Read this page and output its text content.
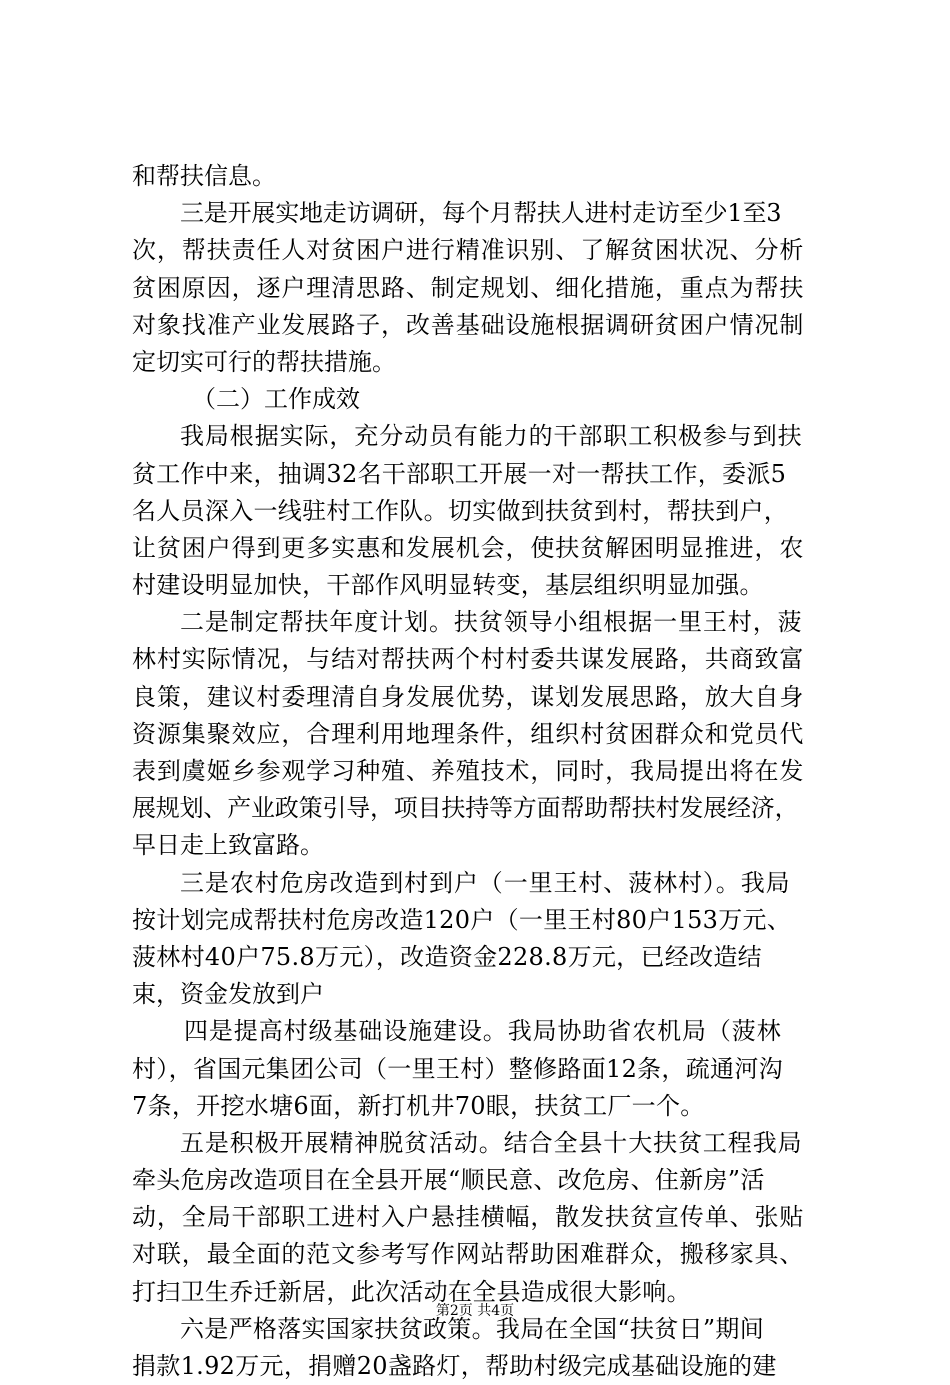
和帮扶信息。
三是开展实地走访调研，每个月帮扶人进村走访至少1至3
次，帮扶责任人对贫困户进行精准识别、了解贫困状况、分析
贫困原因，逐户理清思路、制定规划、细化措施，重点为帮扶
对象找准产业发展路子，改善基础设施根据调研贫困户情况制
定切实可行的帮扶措施。
（二）工作成效
我局根据实际，充分动员有能力的干部职工积极参与到扶
贫工作中来，抽调32名干部职工开展一对一帮扶工作，委派5
名人员深入一线驻村工作队。切实做到扶贫到村，帮扶到户，
让贫困户得到更多实惠和发展机会，使扶贫解困明显推进，农
村建设明显加快，干部作风明显转变，基层组织明显加强。
二是制定帮扶年度计划。扶贫领导小组根据一里王村，菠
林村实际情况，与结对帮扶两个村村委共谋发展路，共商致富
良策，建议村委理清自身发展优势，谋划发展思路，放大自身
资源集聚效应，合理利用地理条件，组织村贫困群众和党员代
表到虞姬乡参观学习种殖、养殖技术，同时，我局提出将在发
展规划、产业政策引导，项目扶持等方面帮助帮扶村发展经济，
早日走上致富路。
三是农村危房改造到村到户（一里王村、菠林村）。我局
按计划完成帮扶村危房改造120户（一里王村80户153万元、
菠林村40户75.8万元），改造资金228.8万元，已经改造结
束，资金发放到户
四是提高村级基础设施建设。我局协助省农机局（菠林
村），省国元集团公司（一里王村）整修路面12条，疏通河沟
7条，开挖水塘6面，新打机井70眼，扶贫工厂一个。
五是积极开展精神脱贫活动。结合全县十大扶贫工程我局
牵头危房改造项目在全县开展“顺民意、改危房、住新房”活
动，全局干部职工进村入户悬挂横幅，散发扶贫宣传单、张贴
对联，最全面的范文参考写作网站帮助困难群众，搬移家具、
打扫卫生乔迁新居，此次活动在全县造成很大影响。
六是严格落实国家扶贫政策。我局在全国“扶贫日”期间
捐款1.92万元，捐赠20盏路灯，帮助村级完成基础设施的建
第2页 共4页
